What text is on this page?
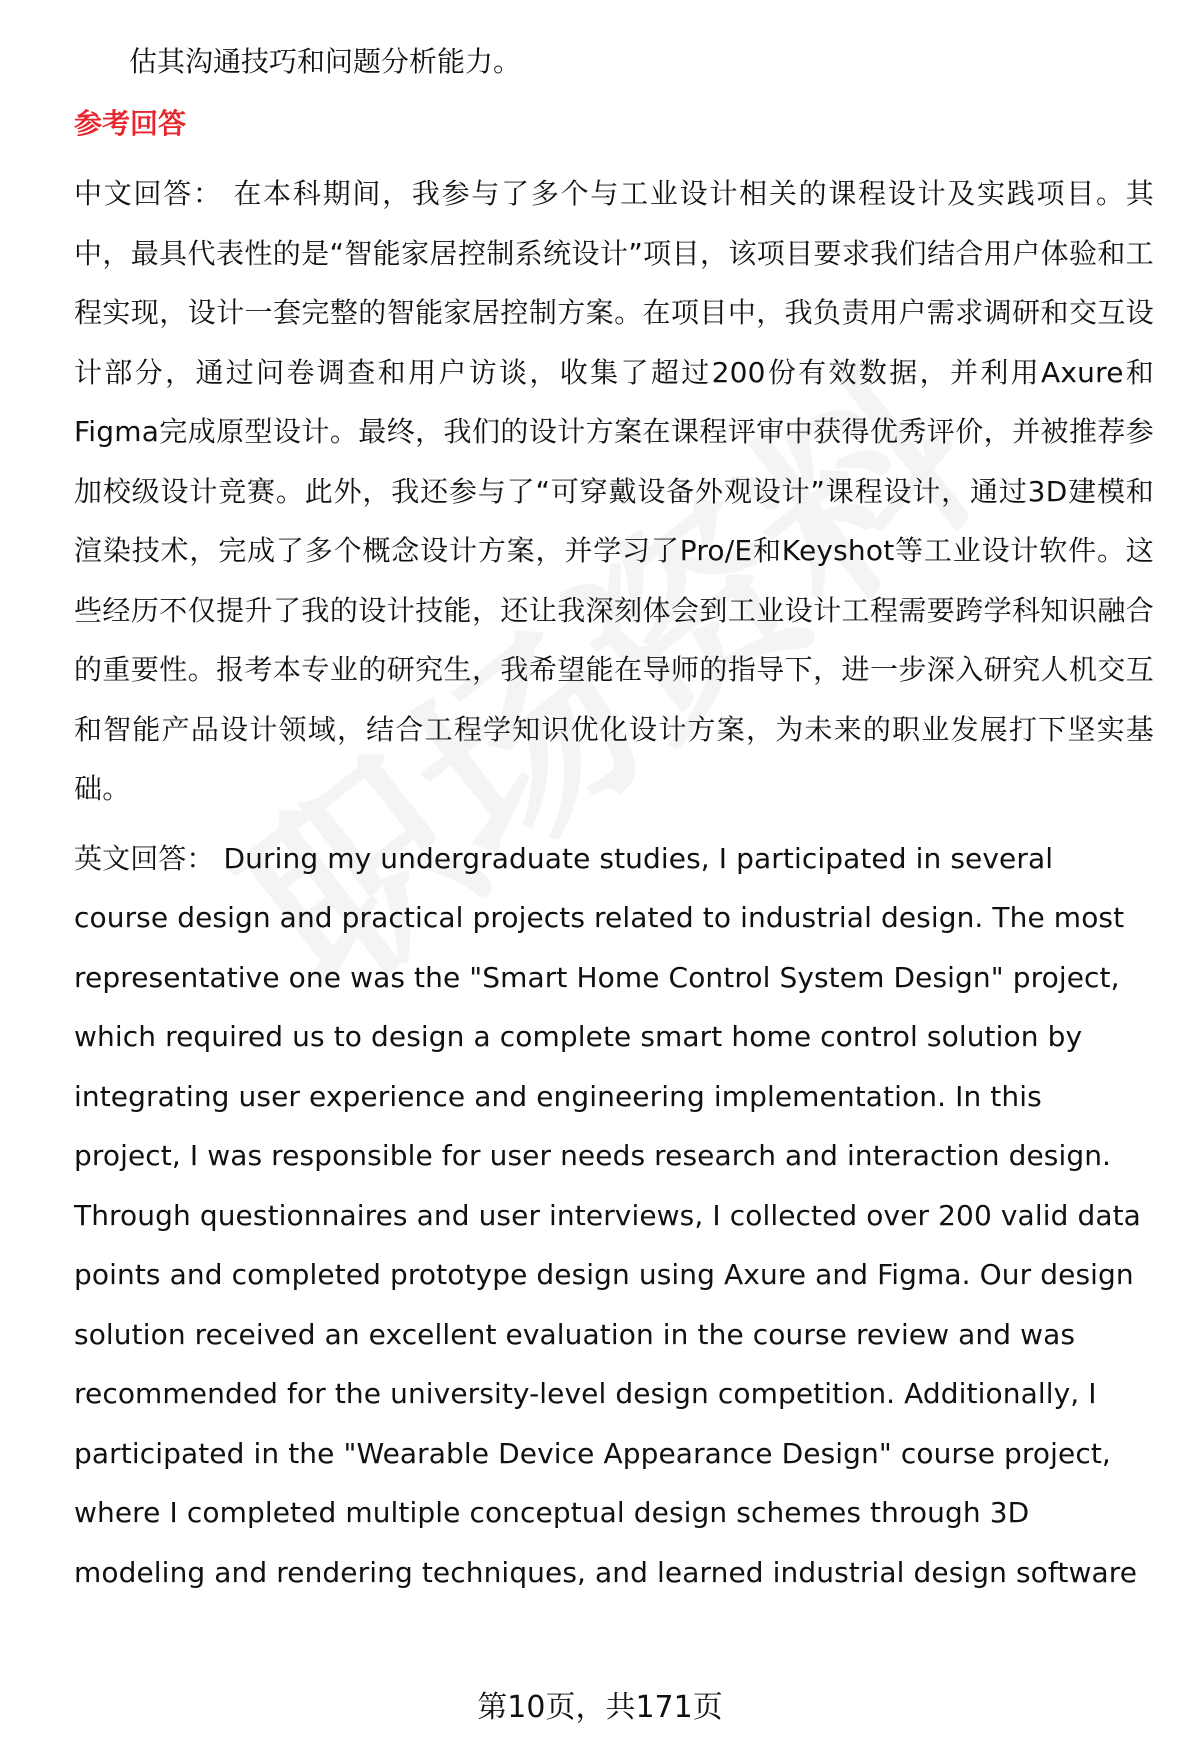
估其沟通技巧和问题分析能力。

参考回答

中文回答： 在本科期间，我参与了多个与工业设计相关的课程设计及实践项目。其中，最具代表性的是“智能家居控制系统设计”项目，该项目要求我们结合用户体验和工程实现，设计一套完整的智能家居控制方案。在项目中，我负责用户需求调研和交互设计部分，通过问卷调查和用户访谈，收集了超过200份有效数据，并利用Axure和Figma完成原型设计。最终，我们的设计方案在课程评审中获得优秀评价，并被推荐参加校级设计竞赛。此外，我还参与了“可穿戴设备外观设计”课程设计，通过3D建模和渲染技术，完成了多个概念设计方案，并学习了Pro/E和Keyshot等工业设计软件。这些经历不仅提升了我的设计技能，还让我深刻体会到工业设计工程需要跨学科知识融合的重要性。报考本专业的研究生，我希望能在导师的指导下，进一步深入研究人机交互和智能产品设计领域，结合工程学知识优化设计方案，为未来的职业发展打下坚实基础。

英文回答： During my undergraduate studies, I participated in several course design and practical projects related to industrial design. The most representative one was the "Smart Home Control System Design" project, which required us to design a complete smart home control solution by integrating user experience and engineering implementation. In this project, I was responsible for user needs research and interaction design. Through questionnaires and user interviews, I collected over 200 valid data points and completed prototype design using Axure and Figma. Our design solution received an excellent evaluation in the course review and was recommended for the university-level design competition. Additionally, I participated in the "Wearable Device Appearance Design" course project, where I completed multiple conceptual design schemes through 3D modeling and rendering techniques, and learned industrial design software

第10页，共171页
